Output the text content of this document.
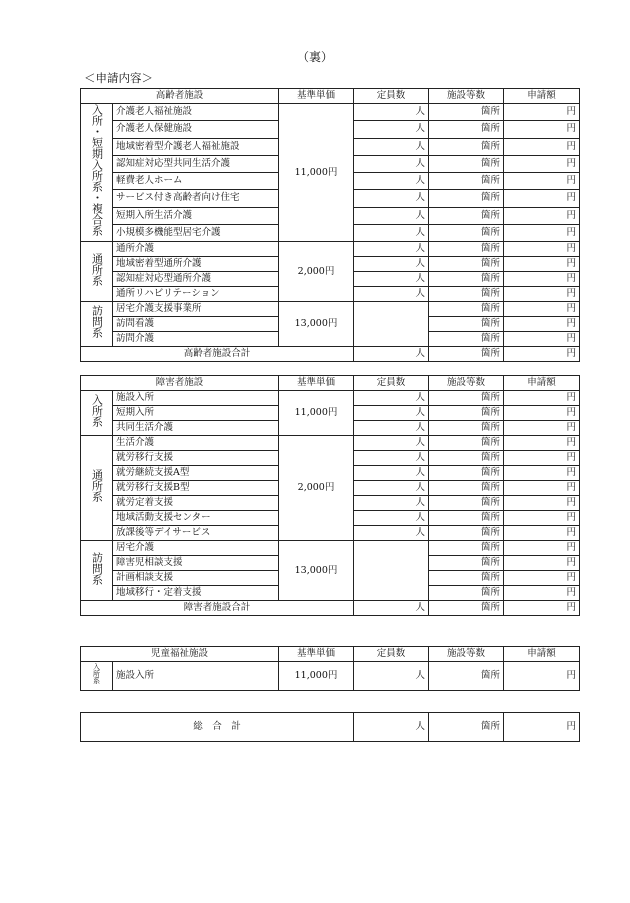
（裏）
＜申請内容＞
高齢者施設		基準単価	定員数	施設等数	申請額
入所・短期入所系・複合系	介護老人福祉施設	11,000円	人	箇所	円
	介護老人保健施設		人	箇所	円
	地域密着型介護老人福祉施設		人	箇所	円
	認知症対応型共同生活介護		人	箇所	円
	軽費老人ホーム		人	箇所	円
	サービス付き高齢者向け住宅		人	箇所	円
	短期入所生活介護		人	箇所	円
	小規模多機能型居宅介護		人	箇所	円
通所系	通所介護	2,000円	人	箇所	円
	地域密着型通所介護		人	箇所	円
	認知症対応型通所介護		人	箇所	円
	通所リハビリテーション		人	箇所	円
訪問系	居宅介護支援事業所	13,000円		箇所	円
	訪問看護			箇所	円
	訪問介護			箇所	円
高齢者施設合計			人	箇所	円
障害者施設		基準単価	定員数	施設等数	申請額
入所系	施設入所	11,000円	人	箇所	円
	短期入所		人	箇所	円
	共同生活介護		人	箇所	円
通所系	生活介護	2,000円	人	箇所	円
	就労移行支援		人	箇所	円
	就労継続支援A型		人	箇所	円
	就労移行支援B型		人	箇所	円
	就労定着支援		人	箇所	円
	地域活動支援センター		人	箇所	円
	放課後等デイサービス		人	箇所	円
訪問系	居宅介護	13,000円		箇所	円
	障害児相談支援			箇所	円
	計画相談支援			箇所	円
	地域移行・定着支援			箇所	円
障害者施設合計			人	箇所	円
児童福祉施設		基準単価	定員数	施設等数	申請額
入所系	施設入所	11,000円	人	箇所	円
総　合　計	人	箇所	円
